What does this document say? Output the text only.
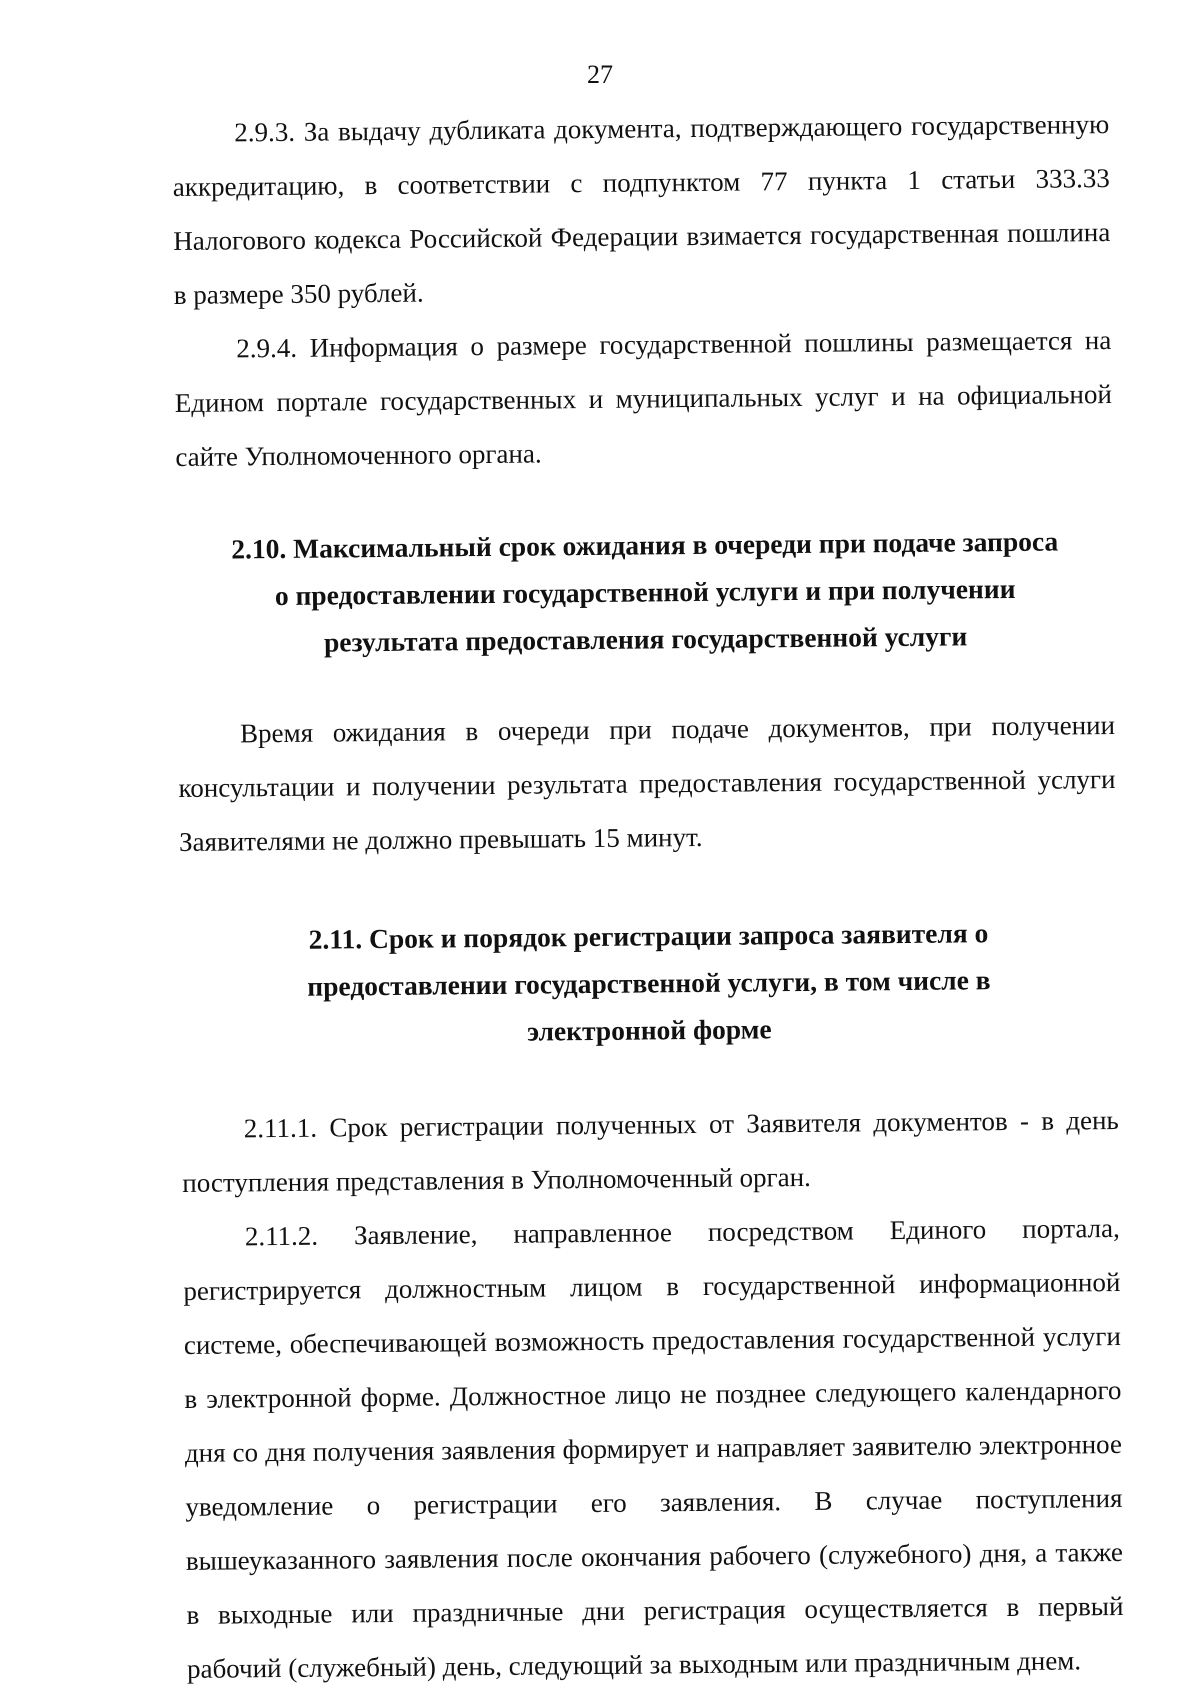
27

2.9.3. За выдачу дубликата документа, подтверждающего государственную аккредитацию, в соответствии с подпунктом 77 пункта 1 статьи 333.33 Налогового кодекса Российской Федерации взимается государственная пошлина в размере 350 рублей.

2.9.4. Информация о размере государственной пошлины размещается на Едином портале государственных и муниципальных услуг и на официальной сайте Уполномоченного органа.

2.10. Максимальный срок ожидания в очереди при подаче запроса о предоставлении государственной услуги и при получении результата предоставления государственной услуги

Время ожидания в очереди при подаче документов, при получении консультации и получении результата предоставления государственной услуги Заявителями не должно превышать 15 минут.

2.11. Срок и порядок регистрации запроса заявителя о предоставлении государственной услуги, в том числе в электронной форме

2.11.1. Срок регистрации полученных от Заявителя документов - в день поступления представления в Уполномоченный орган.

2.11.2. Заявление, направленное посредством Единого портала, регистрируется должностным лицом в государственной информационной системе, обеспечивающей возможность предоставления государственной услуги в электронной форме. Должностное лицо не позднее следующего календарного дня со дня получения заявления формирует и направляет заявителю электронное уведомление о регистрации его заявления. В случае поступления вышеуказанного заявления после окончания рабочего (служебного) дня, а также в выходные или праздничные дни регистрация осуществляется в первый рабочий (служебный) день, следующий за выходным или праздничным днем.
